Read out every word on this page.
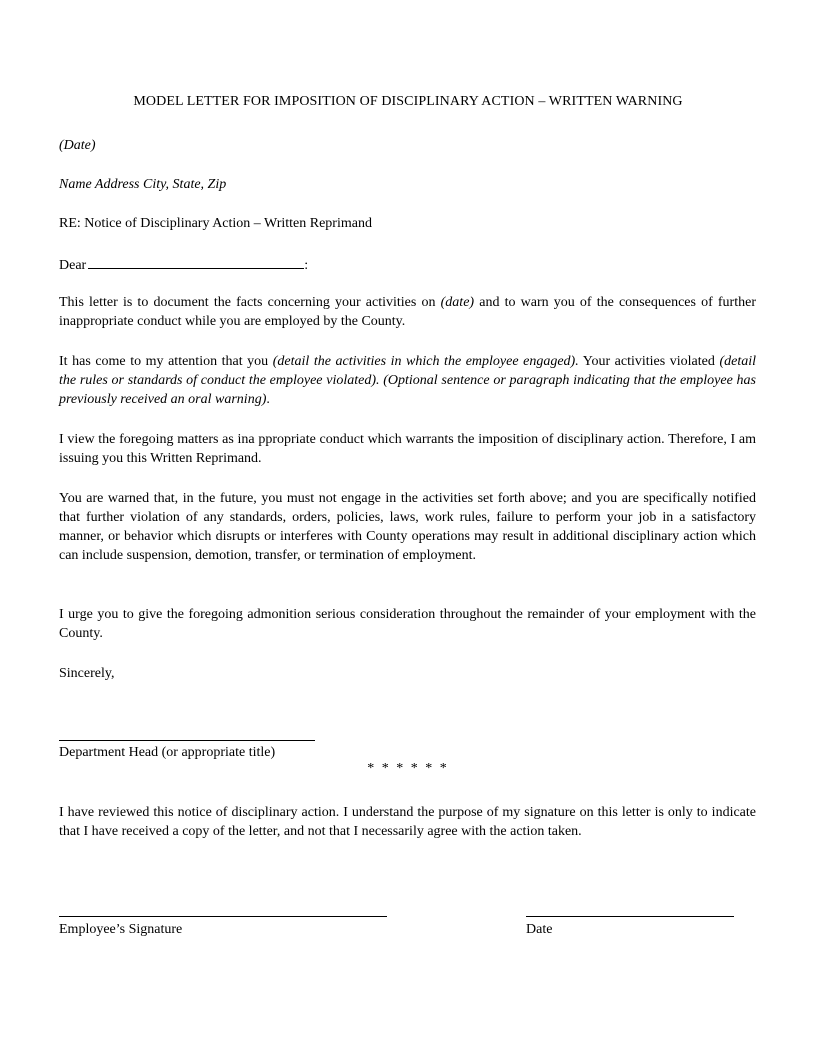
MODEL LETTER FOR IMPOSITION OF DISCIPLINARY ACTION – WRITTEN WARNING
(Date)
Name Address City, State, Zip
RE: Notice of Disciplinary Action – Written Reprimand
Dear	:
This letter is to document the facts concerning your activities on (date) and to warn you of the consequences of further inappropriate conduct while you are employed by the County.
It has come to my attention that you (detail the activities in which the employee engaged). Your activities violated (detail the rules or standards of conduct the employee violated). (Optional sentence or paragraph indicating that the employee has previously received an oral warning).
I view the foregoing matters as ina ppropriate conduct which warrants the imposition of disciplinary action. Therefore, I am issuing you this Written Reprimand.
You are warned that, in the future, you must not engage in the activities set forth above; and you are specifically notified that further violation of any standards, orders, policies, laws, work rules, failure to perform your job in a satisfactory manner, or behavior which disrupts or interferes with County operations may result in additional disciplinary action which can include suspension, demotion, transfer, or termination of employment.
I urge you to give the foregoing admonition serious consideration throughout the remainder of your employment with the County.
Sincerely,
Department Head (or appropriate title)
* * * * * *
I have reviewed this notice of disciplinary action. I understand the purpose of my signature on this letter is only to indicate that I have received a copy of the letter, and not that I necessarily agree with the action taken.
Employee’s Signature	Date
